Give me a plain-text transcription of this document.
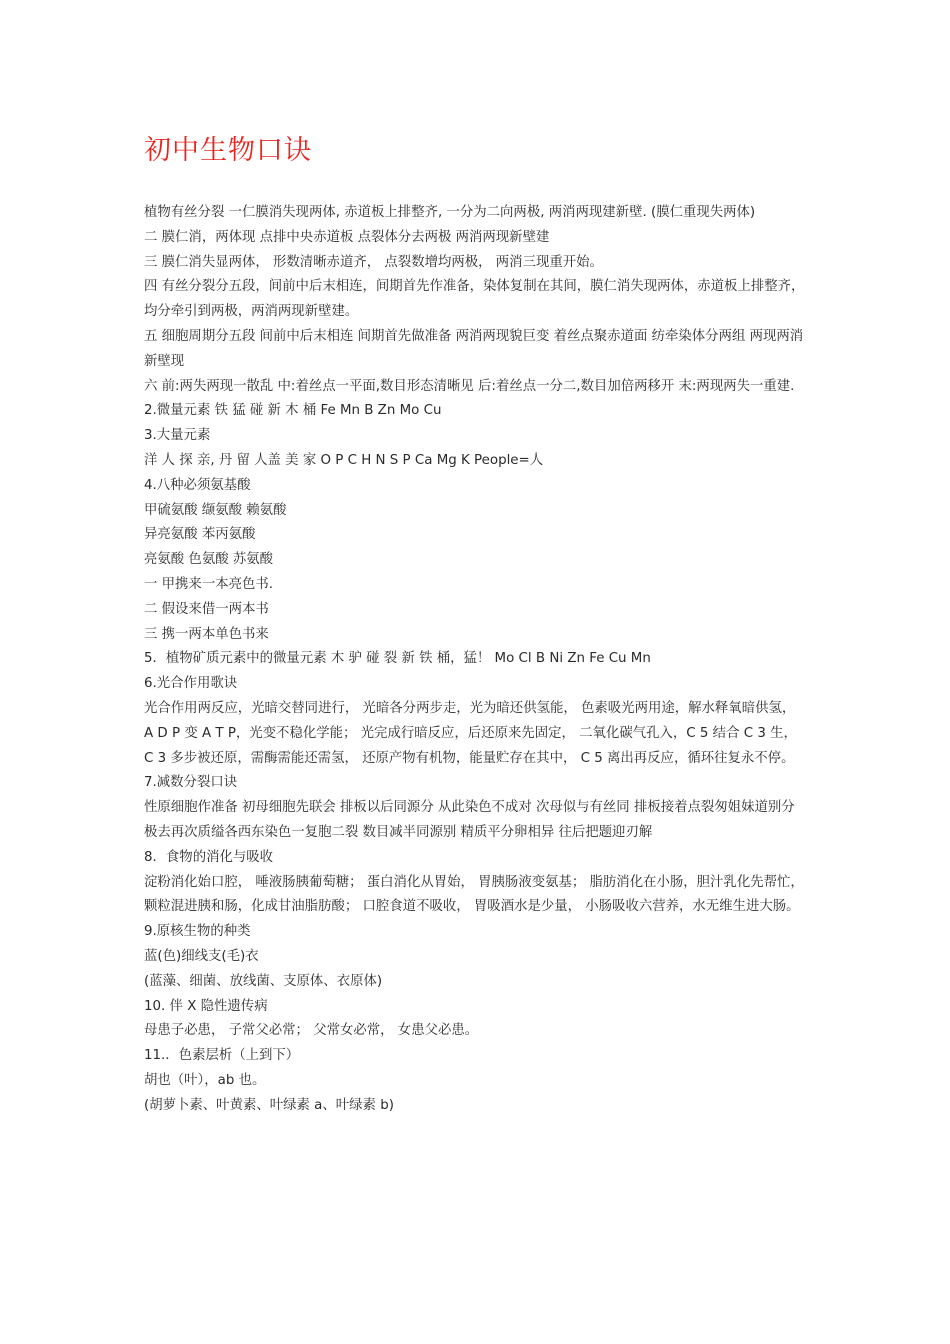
初中生物口诀

植物有丝分裂 一仁膜消失现两体, 赤道板上排整齐, 一分为二向两极, 两消两现建新壁. (膜仁重现失两体)

二 膜仁消，两体现 点排中央赤道板 点裂体分去两极 两消两现新壁建

三 膜仁消失显两体， 形数清晰赤道齐， 点裂数增均两极， 两消三现重开始。

四 有丝分裂分五段，间前中后末相连，间期首先作准备，染体复制在其间，膜仁消失现两体，赤道板上排整齐，均分牵引到两极，两消两现新壁建。

五 细胞周期分五段 间前中后末相连 间期首先做准备 两消两现貌巨变 着丝点聚赤道面 纺牵染体分两组 两现两消新壁现

六 前:两失两现一散乱 中:着丝点一平面,数目形态清晰见 后:着丝点一分二,数目加倍两移开 末:两现两失一重建.

2.微量元素 铁 猛 碰 新 木 桶 Fe Mn B Zn Mo Cu

3.大量元素

洋 人 探 亲, 丹 留 人盖 美 家 O P C H N S P Ca Mg K People=人

4.八种必须氨基酸

甲硫氨酸 缬氨酸 赖氨酸

异亮氨酸 苯丙氨酸

亮氨酸 色氨酸 苏氨酸

一 甲携来一本亮色书.

二 假设来借一两本书

三 携一两本单色书来

5．植物矿质元素中的微量元素 木 驴 碰 裂 新 铁 桶，猛！ Mo Cl B Ni Zn Fe Cu Mn

6.光合作用歌诀

光合作用两反应，光暗交替同进行， 光暗各分两步走，光为暗还供氢能， 色素吸光两用途，解水释氧暗供氢， A D P 变 A T P，光变不稳化学能； 光完成行暗反应，后还原来先固定， 二氧化碳气孔入，C 5 结合 C 3 生，

C 3 多步被还原，需酶需能还需氢， 还原产物有机物，能量贮存在其中， C 5 离出再反应，循环往复永不停。

7.减数分裂口诀

性原细胞作准备 初母细胞先联会 排板以后同源分 从此染色不成对 次母似与有丝同 排板接着点裂匆姐妹道别分极去再次质缢各西东染色一复胞二裂 数目减半同源别 精质平分卵相异 往后把题迎刃解

8．食物的消化与吸收

淀粉消化始口腔， 唾液肠胰葡萄糖； 蛋白消化从胃始， 胃胰肠液变氨基； 脂肪消化在小肠，胆汁乳化先帮忙，颗粒混进胰和肠，化成甘油脂肪酸； 口腔食道不吸收， 胃吸酒水是少量， 小肠吸收六营养，水无维生进大肠。

9.原核生物的种类

蓝(色)细线支(毛)衣

(蓝藻、细菌、放线菌、支原体、衣原体)

10. 伴 X 隐性遗传病

母患子必患， 子常父必常； 父常女必常， 女患父必患。

11.．色素层析（上到下）

胡也（叶），ab 也。

(胡萝卜素、叶黄素、叶绿素 a、叶绿素 b)
